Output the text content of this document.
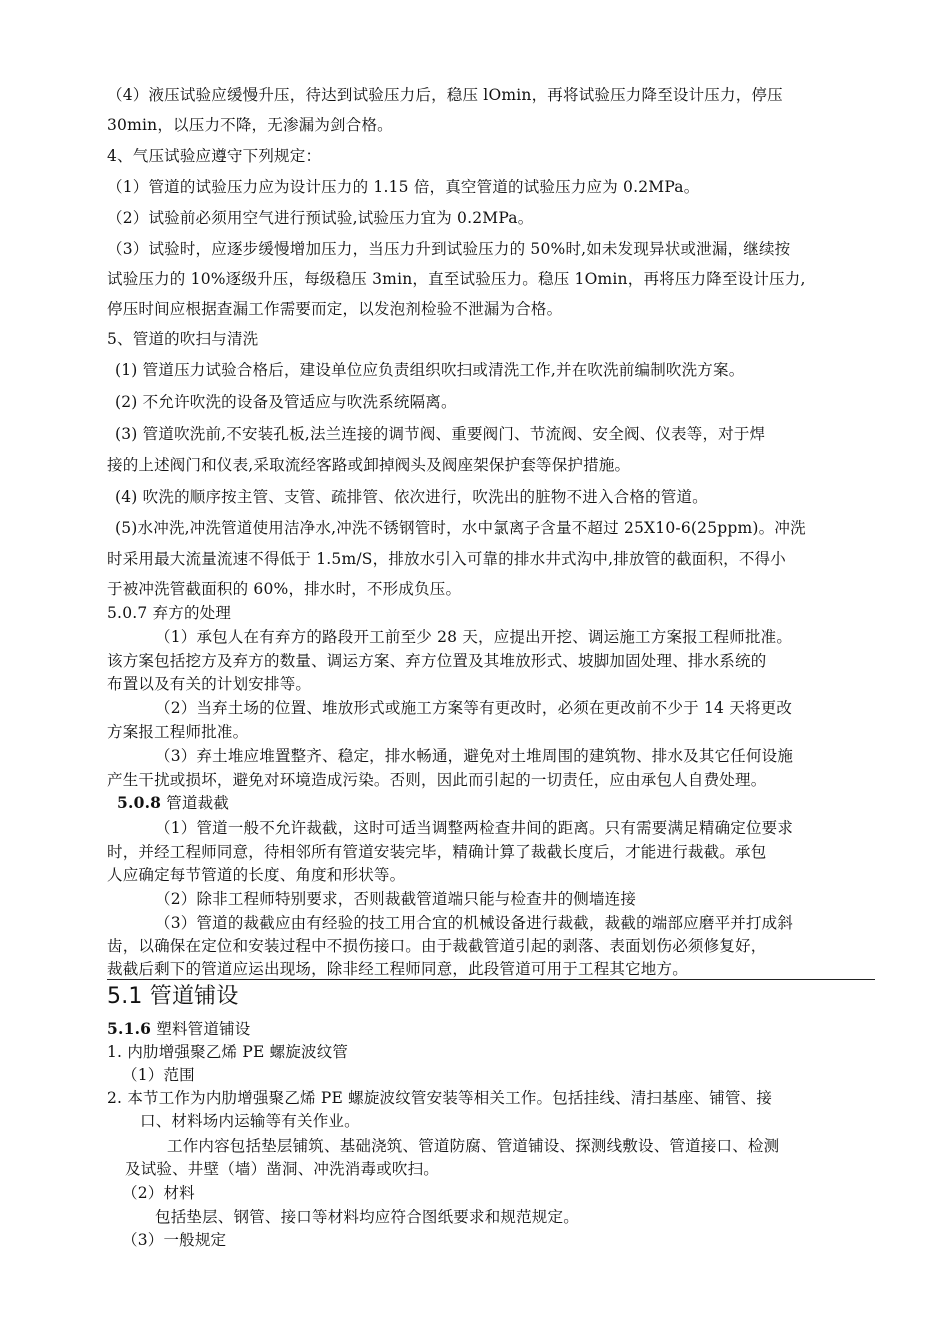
（4）液压试验应缓慢升压，待达到试验压力后，稳压 lOmin，再将试验压力降至设计压力，停压
30min，以压力不降，无渗漏为剑合格。
4、气压试验应遵守下列规定：
（1）管道的试验压力应为设计压力的 1.15 倍，真空管道的试验压力应为 0.2MPa。
（2）试验前必须用空气进行预试验,试验压力宜为 0.2MPa。
（3）试验时，应逐步缓慢增加压力，当压力升到试验压力的 50%时,如未发现异状或泄漏，继续按
试验压力的 10%逐级升压，每级稳压 3min，直至试验压力。稳压 1Omin，再将压力降至设计压力,
停压时间应根据查漏工作需要而定，以发泡剂检验不泄漏为合格。
5、管道的吹扫与清洗
(1) 管道压力试验合格后，建设单位应负责组织吹扫或清洗工作,并在吹洗前编制吹洗方案。
(2) 不允许吹洗的设备及管适应与吹洗系统隔离。
(3) 管道吹洗前,不安装孔板,法兰连接的调节阀、重要阀门、节流阀、安全阀、仪表等，对于焊
接的上述阀门和仪表,采取流经客路或卸掉阀头及阀座架保护套等保护措施。
(4) 吹洗的顺序按主管、支管、疏排管、依次进行，吹洗出的脏物不进入合格的管道。
(5)水冲洗,冲洗管道使用洁净水,冲洗不锈钢管时，水中氯离子含量不超过 25X10-6(25ppm)。冲洗
时采用最大流量流速不得低于 1.5m/S，排放水引入可靠的排水井式沟中,排放管的截面积，不得小
于被冲洗管截面积的 60%，排水时，不形成负压。
5.0.7 弃方的处理
（1）承包人在有弃方的路段开工前至少 28 天，应提出开挖、调运施工方案报工程师批准。
该方案包括挖方及弃方的数量、调运方案、弃方位置及其堆放形式、坡脚加固处理、排水系统的
布置以及有关的计划安排等。
（2）当弃土场的位置、堆放形式或施工方案等有更改时，必须在更改前不少于 14 天将更改
方案报工程师批准。
（3）弃土堆应堆置整齐、稳定，排水畅通，避免对土堆周围的建筑物、排水及其它任何设施
产生干扰或损坏，避免对环境造成污染。否则，因此而引起的一切责任，应由承包人自费处理。
5.0.8 管道裁截
（1）管道一般不允许裁截，这时可适当调整两检查井间的距离。只有需要满足精确定位要求
时，并经工程师同意，待相邻所有管道安装完毕，精确计算了裁截长度后，才能进行裁截。承包
人应确定每节管道的长度、角度和形状等。
（2）除非工程师特别要求，否则裁截管道端只能与检查井的侧墙连接
（3）管道的裁截应由有经验的技工用合宜的机械设备进行裁截，裁截的端部应磨平并打成斜
齿，以确保在定位和安装过程中不损伤接口。由于裁截管道引起的剥落、表面划伤必须修复好，
裁截后剩下的管道应运出现场，除非经工程师同意，此段管道可用于工程其它地方。
5.1 管道铺设
5.1.6 塑料管道铺设
1. 内肋增强聚乙烯 PE 螺旋波纹管
（1）范围
2. 本节工作为内肋增强聚乙烯 PE 螺旋波纹管安装等相关工作。包括挂线、清扫基座、铺管、接
口、材料场内运输等有关作业。
工作内容包括垫层铺筑、基础浇筑、管道防腐、管道铺设、探测线敷设、管道接口、检测
及试验、井壁（墙）凿洞、冲洗消毒或吹扫。
（2）材料
包括垫层、钢管、接口等材料均应符合图纸要求和规范规定。
（3）一般规定
